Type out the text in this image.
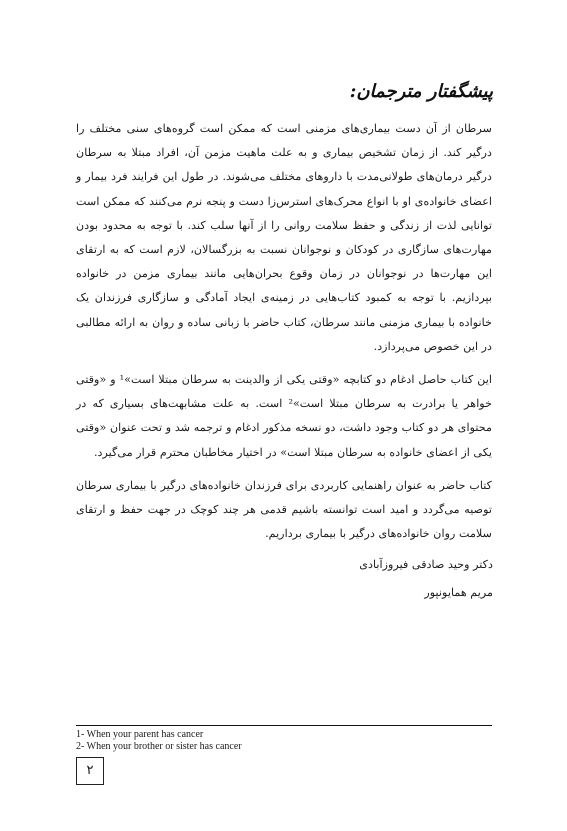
پیشگفتار مترجمان:

سرطان از آن دست بیماری‌های مزمنی است که ممکن است گروه‌های سنی مختلف را درگیر کند. از زمان تشخیص بیماری و به علت ماهیت مزمن آن، افراد مبتلا به سرطان درگیر درمان‌های طولانی‌مدت با داروهای مختلف می‌شوند. در طول این فرایند فرد بیمار و اعضای خانواده‌ی او با انواع محرک‌های استرس‌زا دست و پنجه نرم می‌کنند که ممکن است توانایی لذت از زندگی و حفظ سلامت روانی را از آنها سلب کند. با توجه به محدود بودن مهارت‌های سازگاری در کودکان و نوجوانان نسبت به بزرگسالان، لازم است که به ارتقای این مهارت‌ها در نوجوانان در زمان وقوع بحران‌هایی مانند بیماری مزمن در خانواده بپردازیم. با توجه به کمبود کتاب‌هایی در زمینه‌ی ایجاد آمادگی و سازگاری فرزندان یک خانواده با بیماری مزمنی مانند سرطان، کتاب حاضر با زبانی ساده و روان به ارائه مطالبی در این خصوص می‌پردازد.

این کتاب حاصل ادغام دو کتابچه «وقتی یکی از والدینت به سرطان مبتلا است»¹ و «وقتی خواهر یا برادرت به سرطان مبتلا است»² است. به علت مشابهت‌های بسیاری که در محتوای هر دو کتاب وجود داشت، دو نسخه مذکور ادغام و ترجمه شد و تحت عنوان «وقتی یکی از اعضای خانواده به سرطان مبتلا است» در اختیار مخاطبان محترم قرار می‌گیرد.

کتاب حاضر به عنوان راهنمایی کاربردی برای فرزندان خانواده‌های درگیر با بیماری سرطان توصیه می‌گردد و امید است توانسته باشیم قدمی هر چند کوچک در جهت حفظ و ارتقای سلامت روان خانواده‌های درگیر با بیماری برداریم.

دکتر وحید صادقی فیروزآبادی
مریم همایونپور
1- When your parent has cancer
2- When your brother or sister has cancer
۲
